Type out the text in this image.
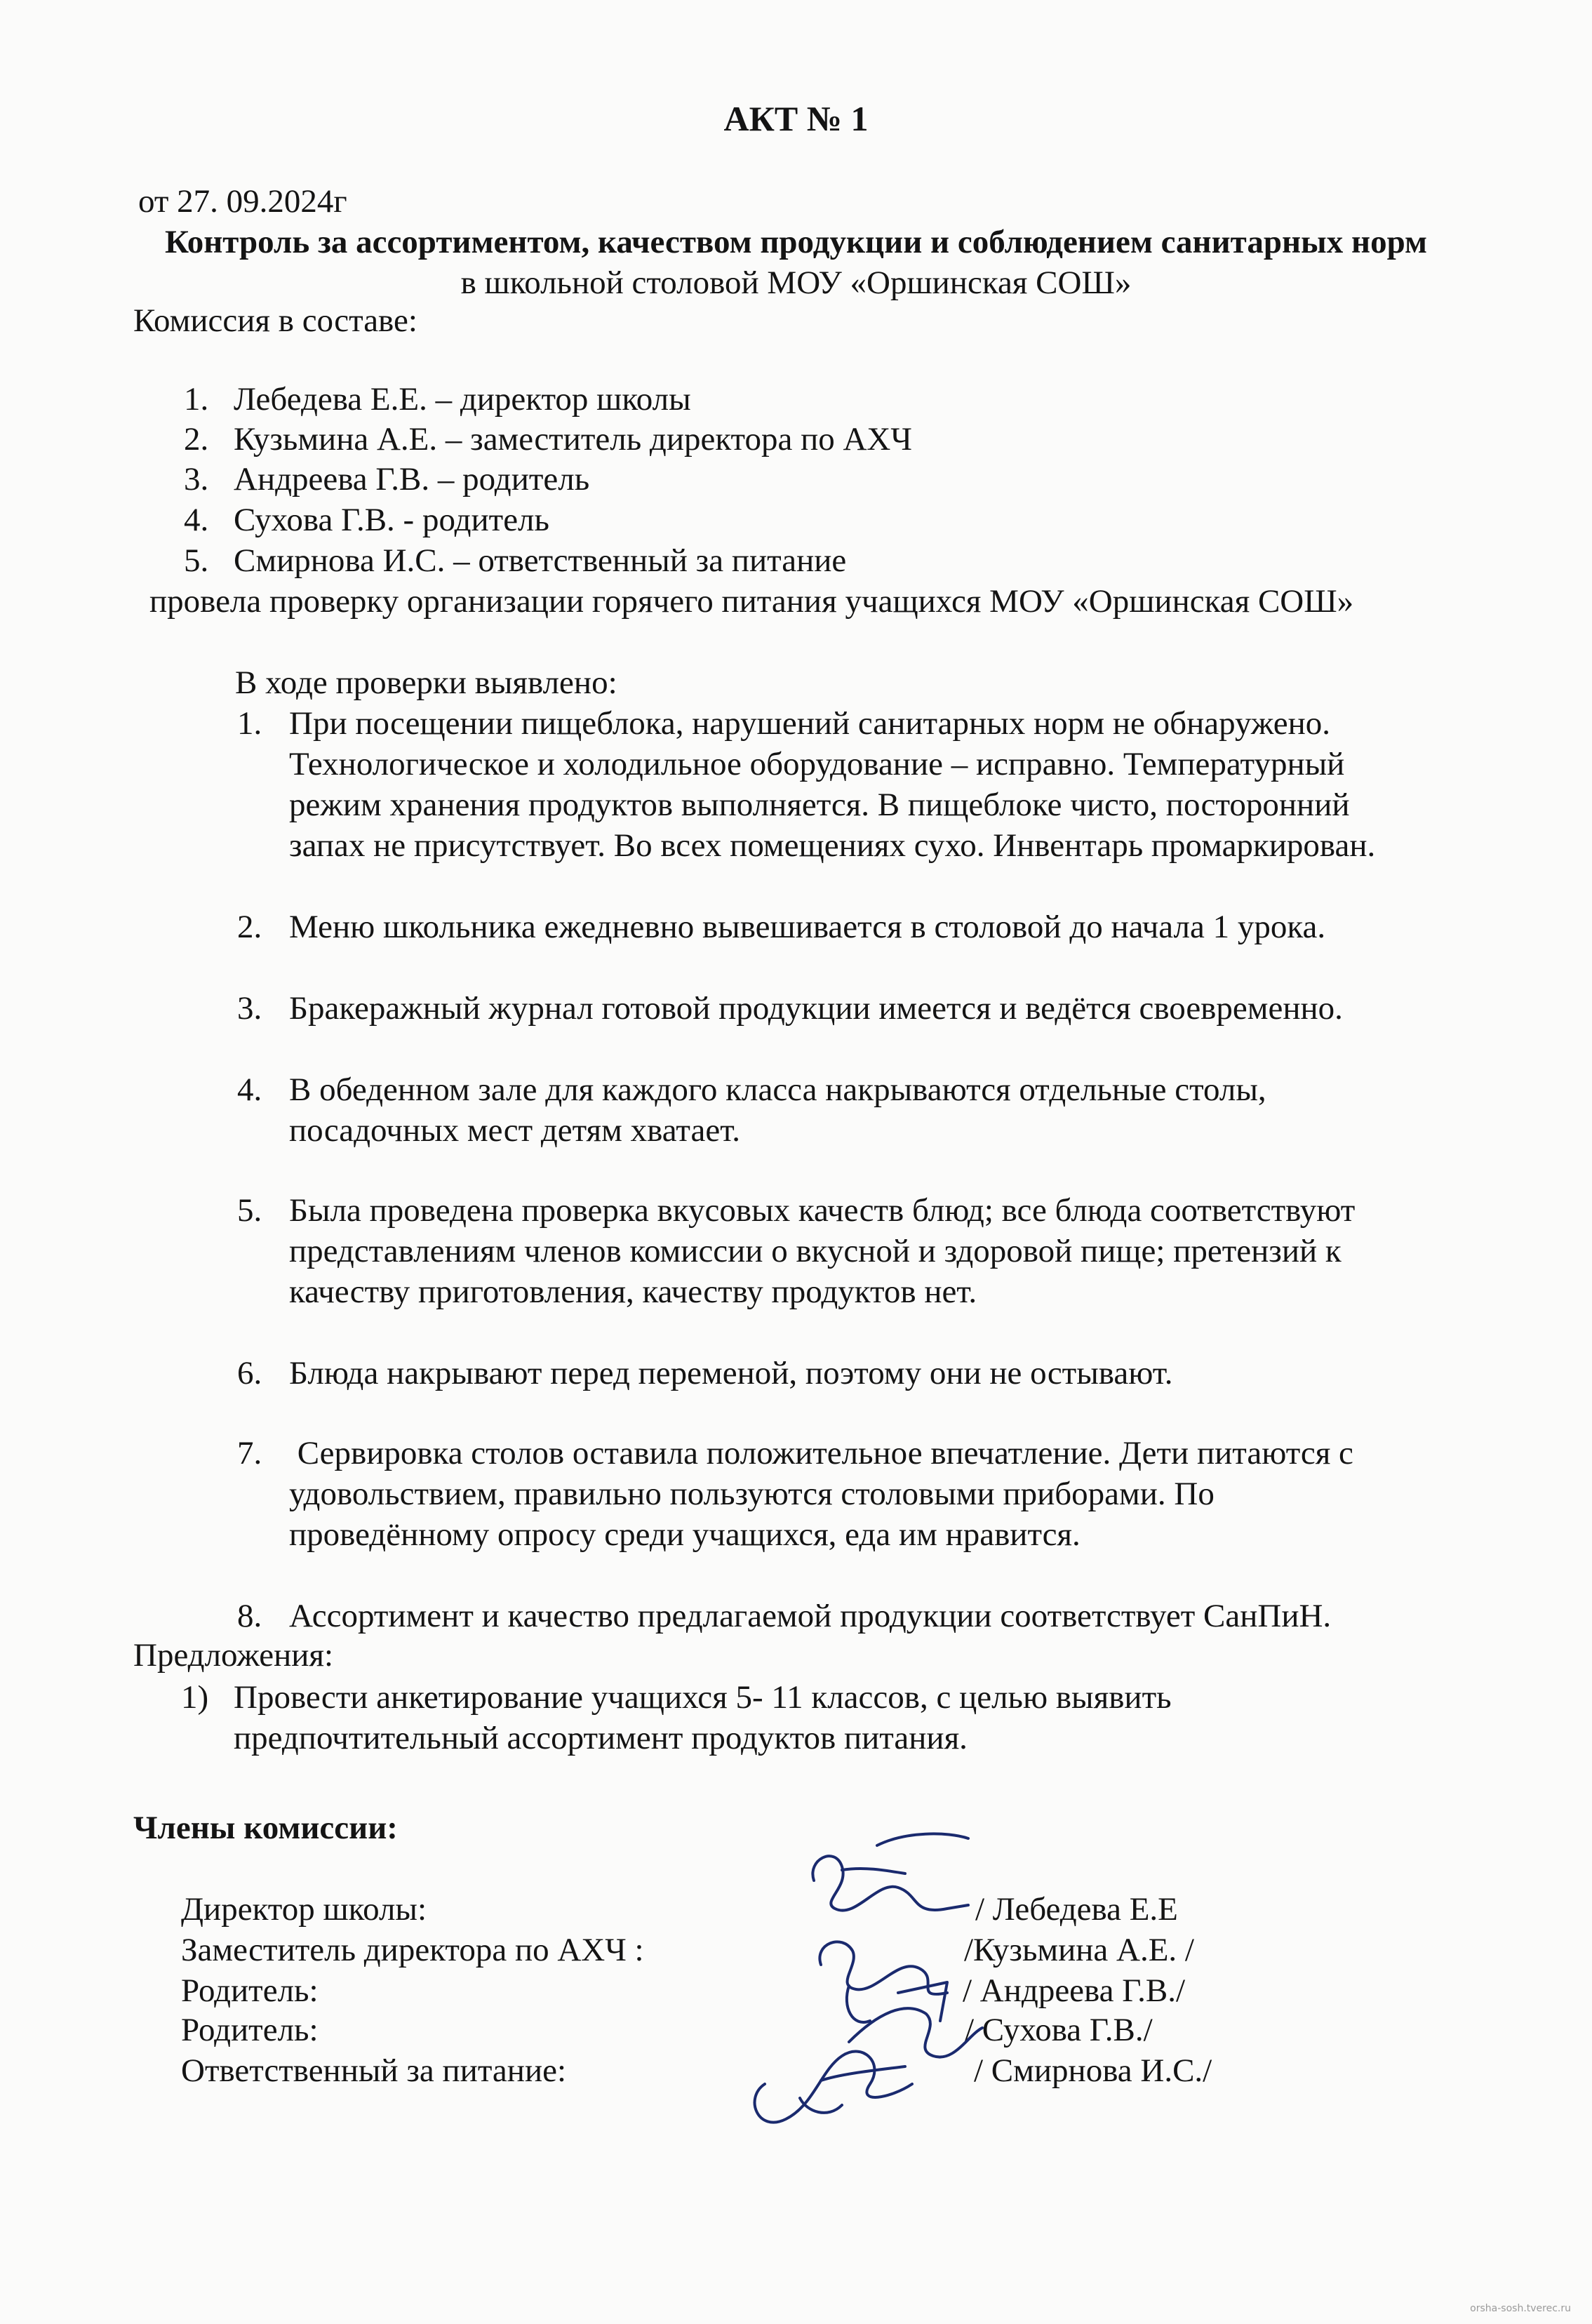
АКТ № 1
от 27. 09.2024г
Контроль за ассортиментом, качеством продукции и соблюдением санитарных норм
в школьной столовой МОУ «Оршинская СОШ»
Комиссия в составе:
1. Лебедева Е.Е. – директор школы
2. Кузьмина А.Е. – заместитель директора по АХЧ
3. Андреева Г.В. – родитель
4. Сухова Г.В. - родитель
5. Смирнова И.С. – ответственный за питание
провела проверку организации горячего питания учащихся МОУ «Оршинская СОШ»
В ходе проверки выявлено:
1. При посещении пищеблока, нарушений санитарных норм не обнаружено.
Технологическое и холодильное оборудование – исправно. Температурный
режим хранения продуктов выполняется. В пищеблоке чисто, посторонний
запах не присутствует. Во всех помещениях сухо. Инвентарь промаркирован.
2. Меню школьника ежедневно вывешивается в столовой до начала 1 урока.
3. Бракеражный журнал готовой продукции имеется и ведётся своевременно.
4. В обеденном зале для каждого класса накрываются отдельные столы,
посадочных мест детям хватает.
5. Была проведена проверка вкусовых качеств блюд; все блюда соответствуют
представлениям членов комиссии о вкусной и здоровой пище; претензий к
качеству приготовления, качеству продуктов нет.
6. Блюда накрывают перед переменой, поэтому они не остывают.
7. Сервировка столов оставила положительное впечатление. Дети питаются с
удовольствием, правильно пользуются столовыми приборами. По
проведённому опросу среди учащихся, еда им нравится.
8. Ассортимент и качество предлагаемой продукции соответствует СанПиН.
Предложения:
1) Провести анкетирование учащихся 5- 11 классов, с целью выявить
предпочтительный ассортимент продуктов питания.
Члены комиссии:
Директор школы:	/ Лебедева Е.Е
Заместитель директора по АХЧ :	/Кузьмина А.Е. /
Родитель:	/ Андреева Г.В./
Родитель:	/ Сухова Г.В./
Ответственный за питание:	/ Смирнова И.С./
orsha-sosh.tverec.ru
